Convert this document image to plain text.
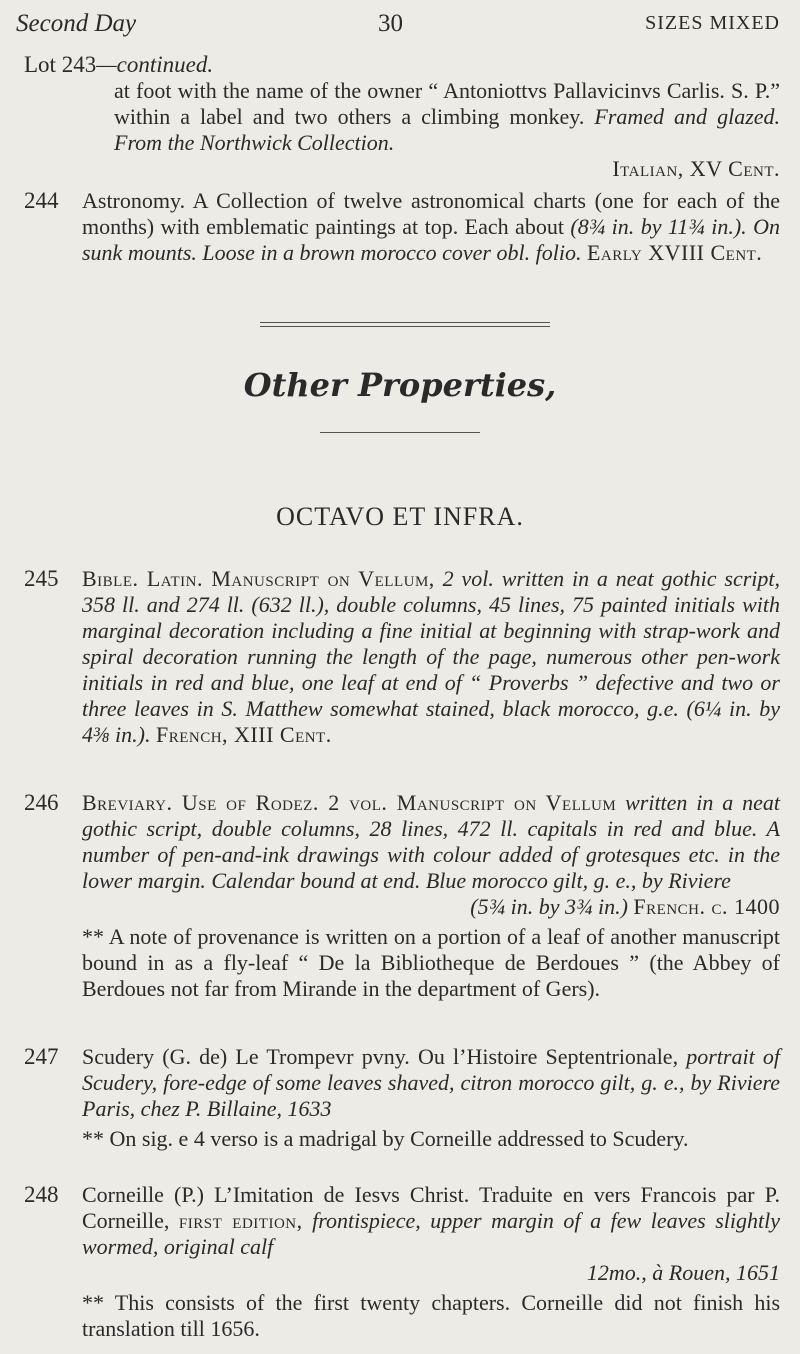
Second Day	30	SIZES MIXED
Lot 243—continued.
at foot with the name of the owner “ Antoniottvs Pallavicinvs Carlis. S. P.” within a label and two others a climbing monkey. Framed and glazed. From the Northwick Collection.
Italian, XV Cent.
244	Astronomy. A Collection of twelve astronomical charts (one for each of the months) with emblematic paintings at top. Each about (8¾ in. by 11¾ in.). On sunk mounts. Loose in a brown morocco cover obl. folio. Early XVIII Cent.
Other Properties,
OCTAVO ET INFRA.
245	Bible. Latin. Manuscript on Vellum, 2 vol. written in a neat gothic script, 358 ll. and 274 ll. (632 ll.), double columns, 45 lines, 75 painted initials with marginal decoration including a fine initial at beginning with strap-work and spiral decoration running the length of the page, numerous other pen-work initials in red and blue, one leaf at end of “ Proverbs ” defective and two or three leaves in S. Matthew somewhat stained, black morocco, g.e. (6¼ in. by 4⅜ in.). French, XIII Cent.
246	Breviary. Use of Rodez. 2 vol. Manuscript on Vellum written in a neat gothic script, double columns, 28 lines, 472 ll. capitals in red and blue. A number of pen-and-ink drawings with colour added of grotesques etc. in the lower margin. Calendar bound at end. Blue morocco gilt, g. e., by Riviere
(5¾ in. by 3¾ in.) French. c. 1400
** A note of provenance is written on a portion of a leaf of another manuscript bound in as a fly-leaf “ De la Bibliotheque de Berdoues ” (the Abbey of Berdoues not far from Mirande in the department of Gers).
247	Scudery (G. de) Le Trompevr pvny. Ou l’Histoire Septentrionale, portrait of Scudery, fore-edge of some leaves shaved, citron morocco gilt, g. e., by Riviere Paris, chez P. Billaine, 1633
** On sig. e 4 verso is a madrigal by Corneille addressed to Scudery.
248	Corneille (P.) L’Imitation de Iesvs Christ. Traduite en vers Francois par P. Corneille, first edition, frontispiece, upper margin of a few leaves slightly wormed, original calf
12mo., à Rouen, 1651
** This consists of the first twenty chapters. Corneille did not finish his translation till 1656.
